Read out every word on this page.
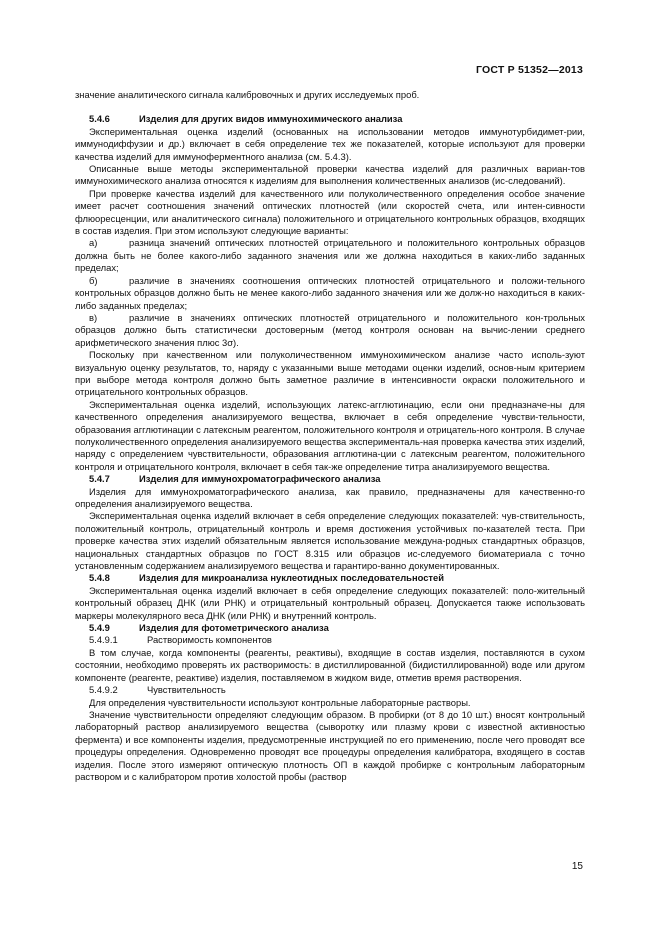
ГОСТ Р 51352—2013

значение аналитического сигнала калибровочных и других исследуемых проб.

5.4.6	Изделия для других видов иммунохимического анализа

Экспериментальная оценка изделий (основанных на использовании методов иммунотурбидимет-рии, иммунодиффузии и др.) включает в себя определение тех же показателей, которые используют для проверки качества изделий для иммуноферментного анализа (см. 5.4.3).

Описанные выше методы экспериментальной проверки качества изделий для различных вариан-тов иммунохимического анализа относятся к изделиям для выполнения количественных анализов (ис-следований).

При проверке качества изделий для качественного или полуколичественного определения особое значение имеет расчет соотношения значений оптических плотностей (или скоростей счета, или интен-сивности флюоресценции, или аналитического сигнала) положительного и отрицательного контрольных образцов, входящих в состав изделия. При этом используют следующие варианты:

а)	разница значений оптических плотностей отрицательного и положительного контрольных образцов должна быть не более какого-либо заданного значения или же должна находиться в каких-либо заданных пределах;

б)	различие в значениях соотношения оптических плотностей отрицательного и положи-тельного контрольных образцов должно быть не менее какого-либо заданного значения или же долж-но находиться в каких-либо заданных пределах;

в)	различие в значениях оптических плотностей отрицательного и положительного кон-трольных образцов должно быть статистически достоверным (метод контроля основан на вычис-лении среднего арифметического значения плюс 3σ).

Поскольку при качественном или полуколичественном иммунохимическом анализе часто исполь-зуют визуальную оценку результатов, то, наряду с указанными выше методами оценки изделий, основ-ным критерием при выборе метода контроля должно быть заметное различие в интенсивности окраски положительного и отрицательного контрольных образцов.

Экспериментальная оценка изделий, использующих латекс-агглютинацию, если они предназначе-ны для качественного определения анализируемого вещества, включает в себя определение чувстви-тельности, образования агглютинации с латексным реагентом, положительного контроля и отрицатель-ного контроля. В случае полуколичественного определения анализируемого вещества эксперименталь-ная проверка качества этих изделий, наряду с определением чувствительности, образования агглютина-ции с латексным реагентом, положительного контроля и отрицательного контроля, включает в себя так-же определение титра анализируемого вещества.

5.4.7	Изделия для иммунохроматографического анализа

Изделия для иммунохроматографического анализа, как правило, предназначены для качественно-го определения анализируемого вещества.

Экспериментальная оценка изделий включает в себя определение следующих показателей: чув-ствительность, положительный контроль, отрицательный контроль и время достижения устойчивых по-казателей теста. При проверке качества этих изделий обязательным является использование междуна-родных стандартных образцов, национальных стандартных образцов по ГОСТ 8.315 или образцов ис-следуемого биоматериала с точно установленным содержанием анализируемого вещества и гарантиро-ванно документированных.

5.4.8	Изделия для микроанализа нуклеотидных последовательностей

Экспериментальная оценка изделий включает в себя определение следующих показателей: поло-жительный контрольный образец ДНК (или РНК) и отрицательный контрольный образец. Допускается также использовать маркеры молекулярного веса ДНК (или РНК) и внутренний контроль.

5.4.9	Изделия для фотометрического анализа

5.4.9.1	Растворимость компонентов

В том случае, когда компоненты (реагенты, реактивы), входящие в состав изделия, поставляются в сухом состоянии, необходимо проверять их растворимость: в дистиллированной (бидистиллированной) воде или другом компоненте (реагенте, реактиве) изделия, поставляемом в жидком виде, отметив время растворения.

5.4.9.2	Чувствительность

Для определения чувствительности используют контрольные лабораторные растворы.

Значение чувствительности определяют следующим образом. В пробирки (от 8 до 10 шт.) вносят контрольный лабораторный раствор анализируемого вещества (сыворотку или плазму крови с известной активностью фермента) и все компоненты изделия, предусмотренные инструкцией по его применению, после чего проводят все процедуры определения. Одновременно проводят все процедуры определения калибратора, входящего в состав изделия. После этого измеряют оптическую плотность ОП в каждой пробирке с контрольным лабораторным раствором и с калибратором против холостой пробы (раствор

15
